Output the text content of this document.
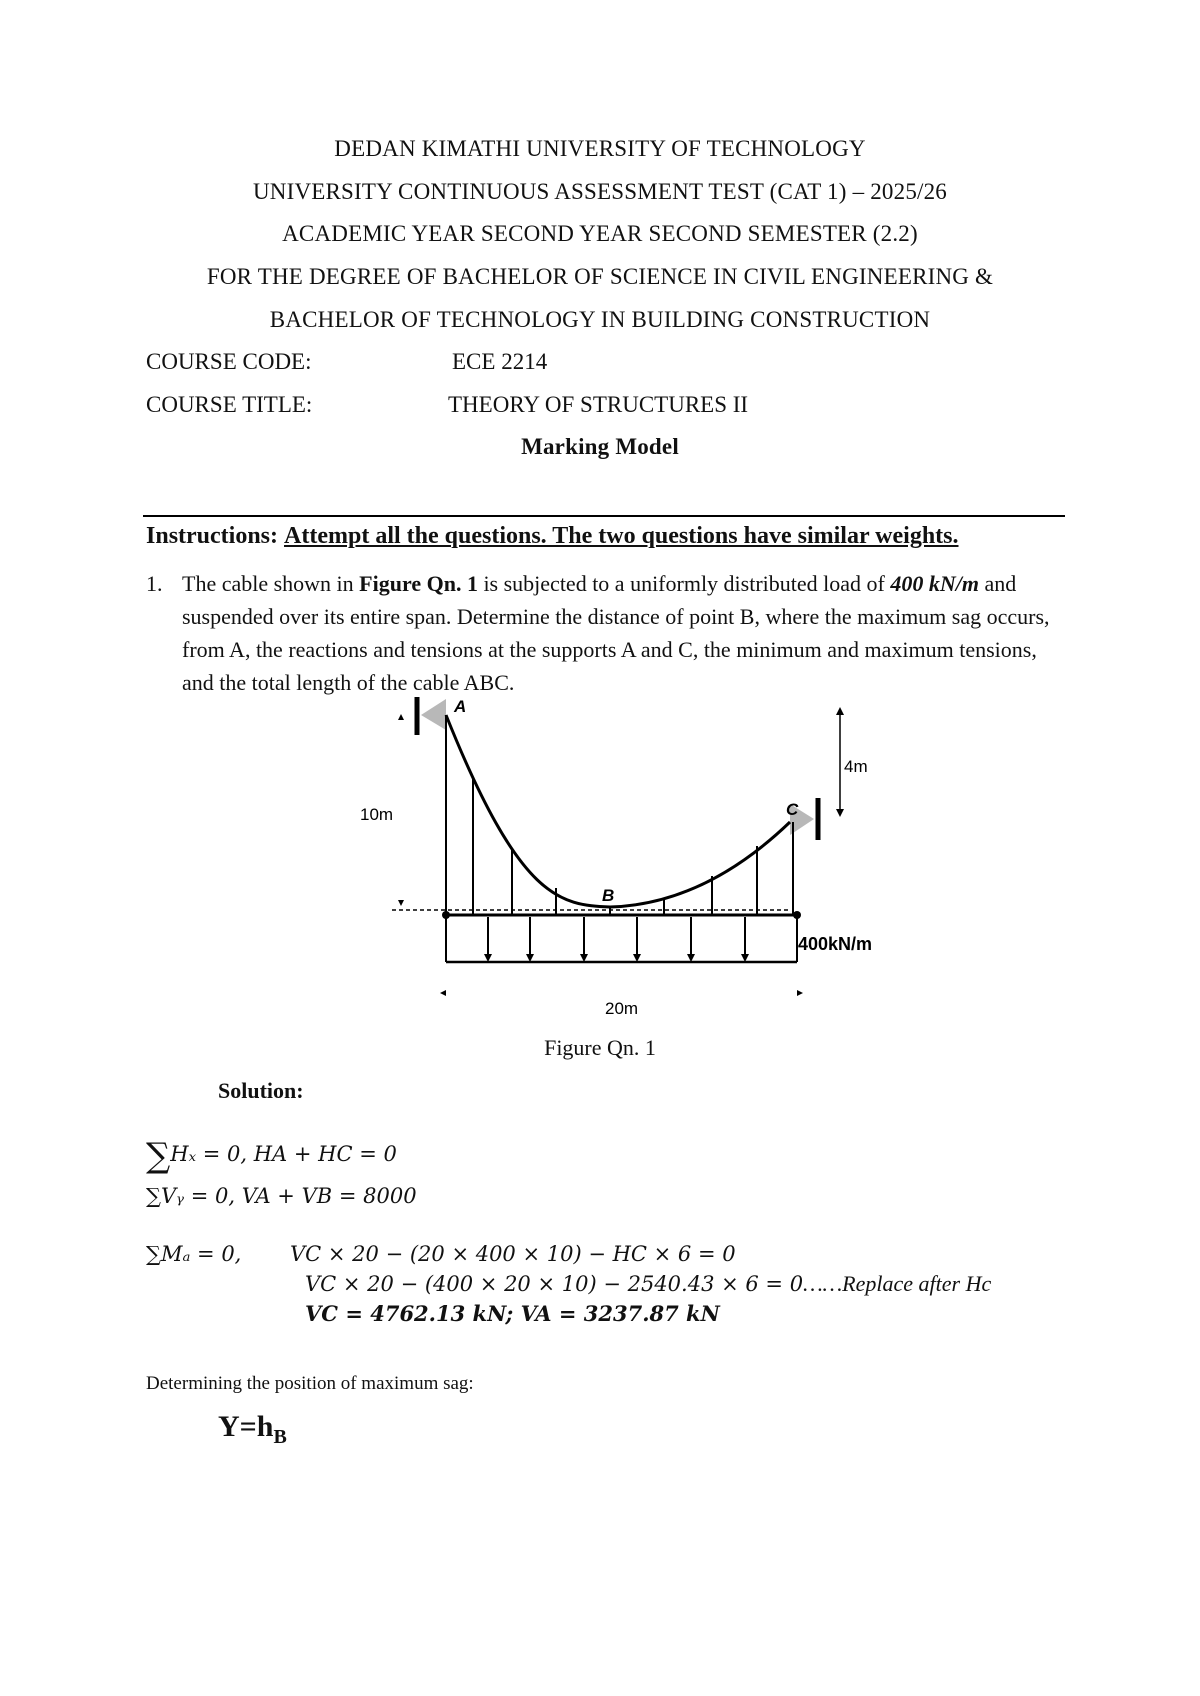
DEDAN KIMATHI UNIVERSITY OF TECHNOLOGY
UNIVERSITY CONTINUOUS ASSESSMENT TEST (CAT 1) – 2025/26
ACADEMIC YEAR SECOND YEAR SECOND SEMESTER (2.2)
FOR THE DEGREE OF BACHELOR OF SCIENCE IN CIVIL ENGINEERING &
BACHELOR OF TECHNOLOGY IN BUILDING CONSTRUCTION
COURSE CODE:	ECE 2214
COURSE TITLE:	THEORY OF STRUCTURES II
Marking Model
Instructions: Attempt all the questions. The two questions have similar weights.
1. The cable shown in Figure Qn. 1 is subjected to a uniformly distributed load of 400 kN/m and suspended over its entire span. Determine the distance of point B, where the maximum sag occurs, from A, the reactions and tensions at the supports A and C, the minimum and maximum tensions, and the total length of the cable ABC.
A
B
C
10m
4m
20m
400kN/m
Figure Qn. 1
Solution:
∑Hₓ = 0, HA + HC = 0
∑Vᵧ = 0, VA + VB = 8000
∑Mₐ = 0, VC × 20 − (20 × 400 × 10) − HC × 6 = 0
VC × 20 − (400 × 20 × 10) − 2540.43 × 6 = 0……Replace after Hc
VC = 4762.13 kN; VA = 3237.87 kN
Determining the position of maximum sag:
$Y=h_B$
